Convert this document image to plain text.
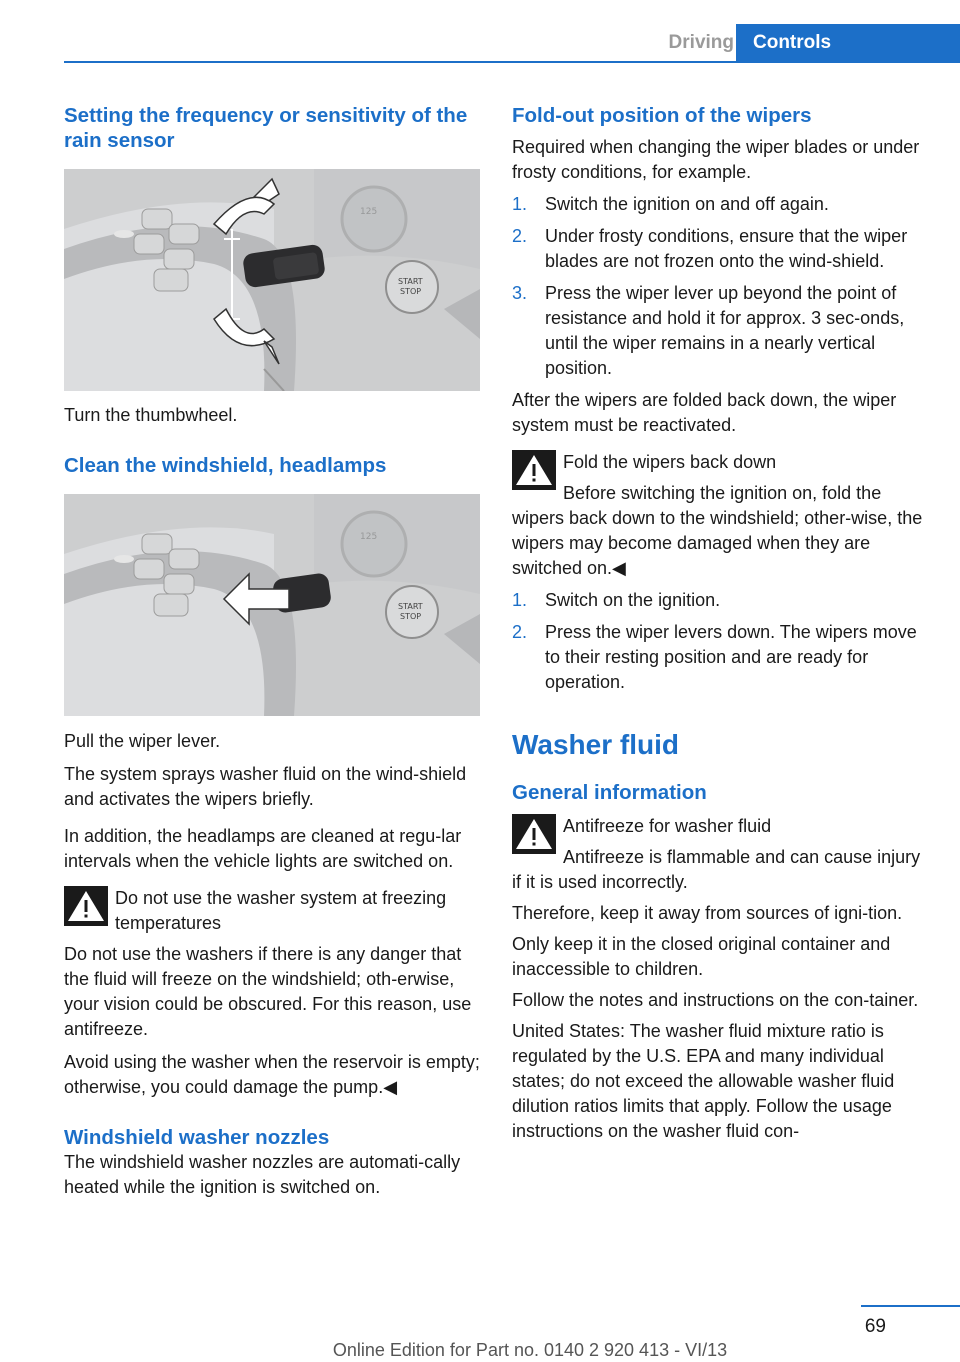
Driving	Controls
Setting the frequency or sensitivity of the rain sensor
START
STOP

Turn the thumbwheel.

Clean the windshield, headlamps
START
STOP

Pull the wiper lever.

The system sprays washer fluid on the wind-shield and activates the wipers briefly.

In addition, the headlamps are cleaned at regu-lar intervals when the vehicle lights are switched on.

Do not use the washer system at freezing temperatures

Do not use the washers if there is any danger that the fluid will freeze on the windshield; oth-erwise, your vision could be obscured. For this reason, use antifreeze.

Avoid using the washer when the reservoir is empty; otherwise, you could damage the pump.◀

Windshield washer nozzles

The windshield washer nozzles are automati-cally heated while the ignition is switched on.

Fold-out position of the wipers

Required when changing the wiper blades or under frosty conditions, for example.

1. Switch the ignition on and off again.
2. Under frosty conditions, ensure that the wiper blades are not frozen onto the wind-shield.
3. Press the wiper lever up beyond the point of resistance and hold it for approx. 3 sec-onds, until the wiper remains in a nearly vertical position.

After the wipers are folded back down, the wiper system must be reactivated.

Fold the wipers back down

Before switching the ignition on, fold the wipers back down to the windshield; other-wise, the wipers may become damaged when they are switched on.◀

1. Switch on the ignition.
2. Press the wiper levers down. The wipers move to their resting position and are ready for operation.
Washer fluid
General information

Antifreeze for washer fluid

Antifreeze is flammable and can cause injury if it is used incorrectly.

Therefore, keep it away from sources of igni-tion.

Only keep it in the closed original container and inaccessible to children.

Follow the notes and instructions on the con-tainer.

United States: The washer fluid mixture ratio is regulated by the U.S. EPA and many individual states; do not exceed the allowable washer fluid dilution ratios limits that apply. Follow the usage instructions on the washer fluid con-

69
Online Edition for Part no. 0140 2 920 413 - VI/13
